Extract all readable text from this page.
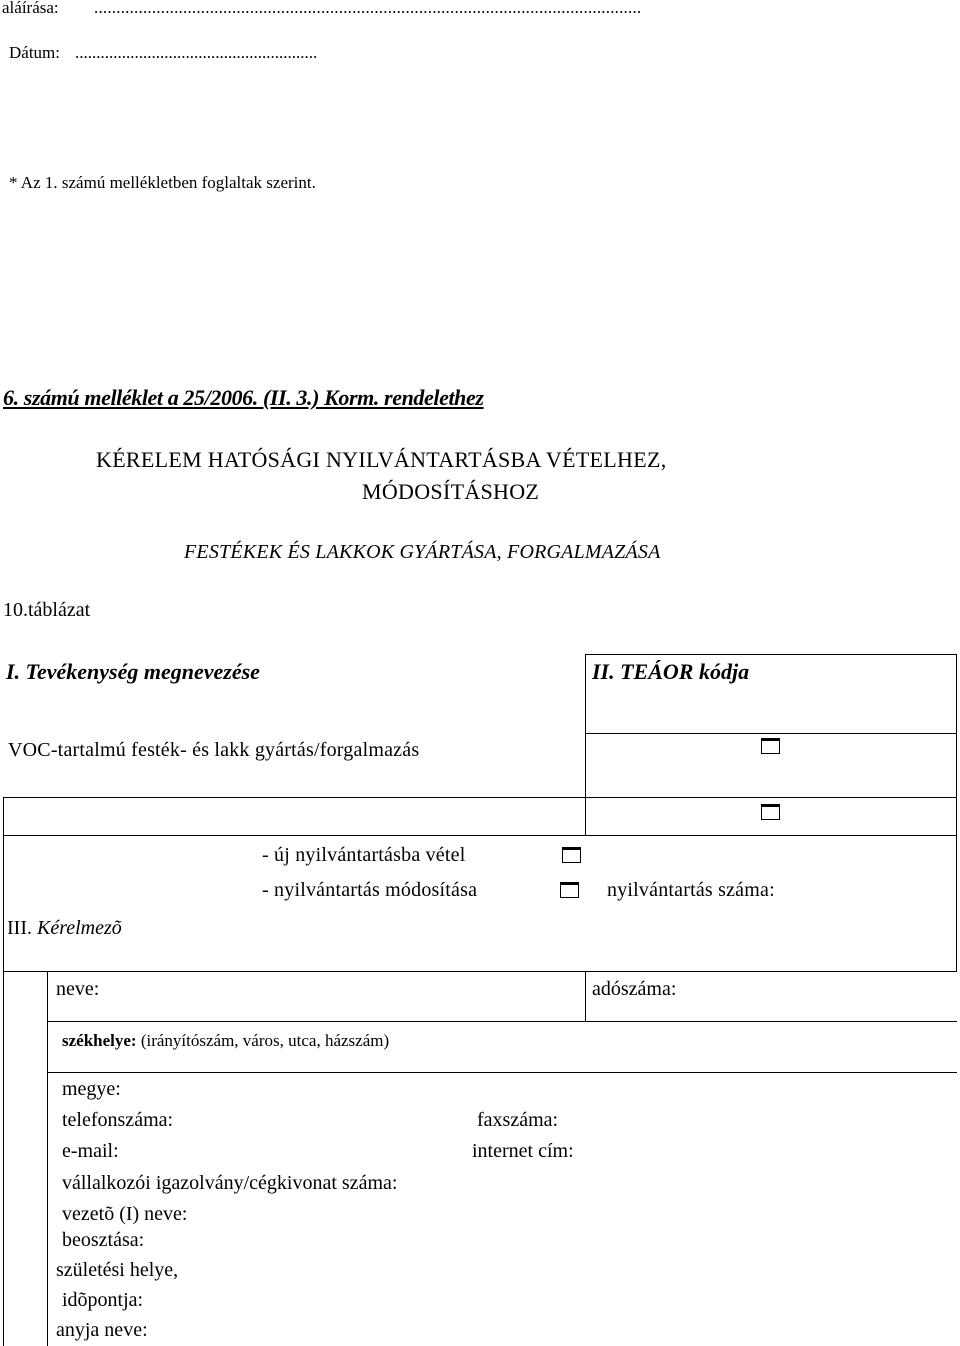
aláírása: ...........................................................................................................................
Dátum: .........................................................
* Az 1. számú mellékletben foglaltak szerint.
6. számú melléklet a 25/2006. (II. 3.) Korm. rendelethez
KÉRELEM HATÓSÁGI NYILVÁNTARTÁSBA VÉTELHEZ,
MÓDOSÍTÁSHOZ
FESTÉKEK ÉS LAKKOK GYÁRTÁSA, FORGALMAZÁSA
10.táblázat
I. Tevékenység megnevezése	II. TEÁOR kódja
VOC-tartalmú festék- és lakk gyártás/forgalmazás
- új nyilvántartásba vétel
- nyilvántartás módosítása	nyilvántartás száma:
III. Kérelmezõ
neve:	adószáma:
székhelye: (irányítószám, város, utca, házszám)
megye:
telefonszáma:	faxszáma:
e-mail:	internet cím:
vállalkozói igazolvány/cégkivonat száma:
vezetõ (I) neve:
beosztása:
születési helye,
idõpontja:
anyja neve:
